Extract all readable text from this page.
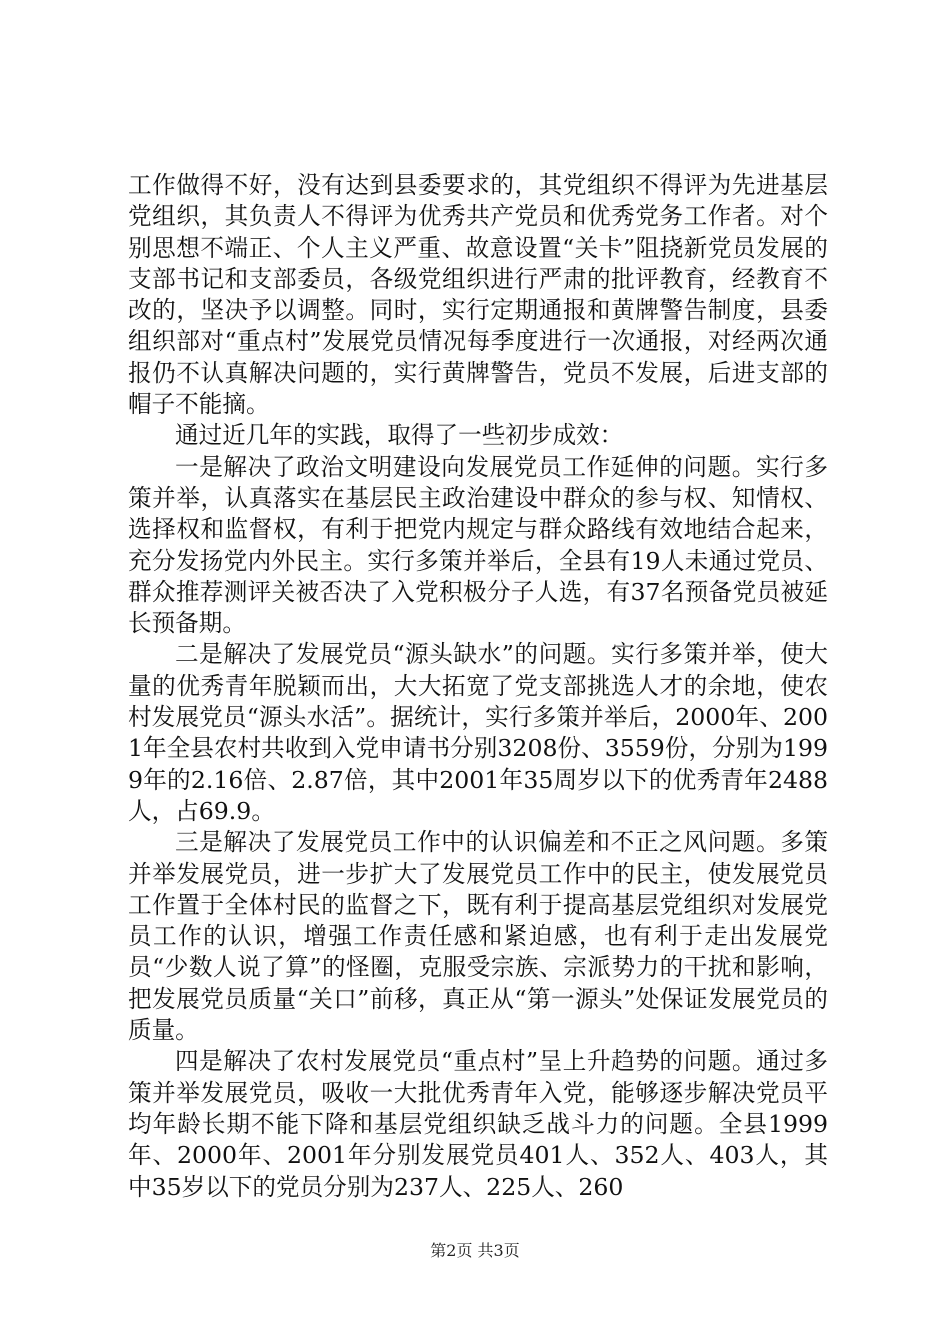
工作做得不好，没有达到县委要求的，其党组织不得评为先进基层党组织，其负责人不得评为优秀共产党员和优秀党务工作者。对个别思想不端正、个人主义严重、故意设置“关卡”阻挠新党员发展的支部书记和支部委员，各级党组织进行严肃的批评教育，经教育不改的，坚决予以调整。同时，实行定期通报和黄牌警告制度，县委组织部对“重点村”发展党员情况每季度进行一次通报，对经两次通报仍不认真解决问题的，实行黄牌警告，党员不发展，后进支部的帽子不能摘。

通过近几年的实践，取得了一些初步成效：

一是解决了政治文明建设向发展党员工作延伸的问题。实行多策并举，认真落实在基层民主政治建设中群众的参与权、知情权、选择权和监督权，有利于把党内规定与群众路线有效地结合起来，充分发扬党内外民主。实行多策并举后，全县有19人未通过党员、群众推荐测评关被否决了入党积极分子人选，有37名预备党员被延长预备期。

二是解决了发展党员“源头缺水”的问题。实行多策并举，使大量的优秀青年脱颖而出，大大拓宽了党支部挑选人才的余地，使农村发展党员“源头水活”。据统计，实行多策并举后，2000年、2001年全县农村共收到入党申请书分别3208份、3559份，分别为1999年的2.16倍、2.87倍，其中2001年35周岁以下的优秀青年2488人，占69.9。

三是解决了发展党员工作中的认识偏差和不正之风问题。多策并举发展党员，进一步扩大了发展党员工作中的民主，使发展党员工作置于全体村民的监督之下，既有利于提高基层党组织对发展党员工作的认识，增强工作责任感和紧迫感，也有利于走出发展党员“少数人说了算”的怪圈，克服受宗族、宗派势力的干扰和影响，把发展党员质量“关口”前移，真正从“第一源头”处保证发展党员的质量。

四是解决了农村发展党员“重点村”呈上升趋势的问题。通过多策并举发展党员，吸收一大批优秀青年入党，能够逐步解决党员平均年龄长期不能下降和基层党组织缺乏战斗力的问题。全县1999年、2000年、2001年分别发展党员401人、352人、403人，其中35岁以下的党员分别为237人、225人、260

第2页 共3页
